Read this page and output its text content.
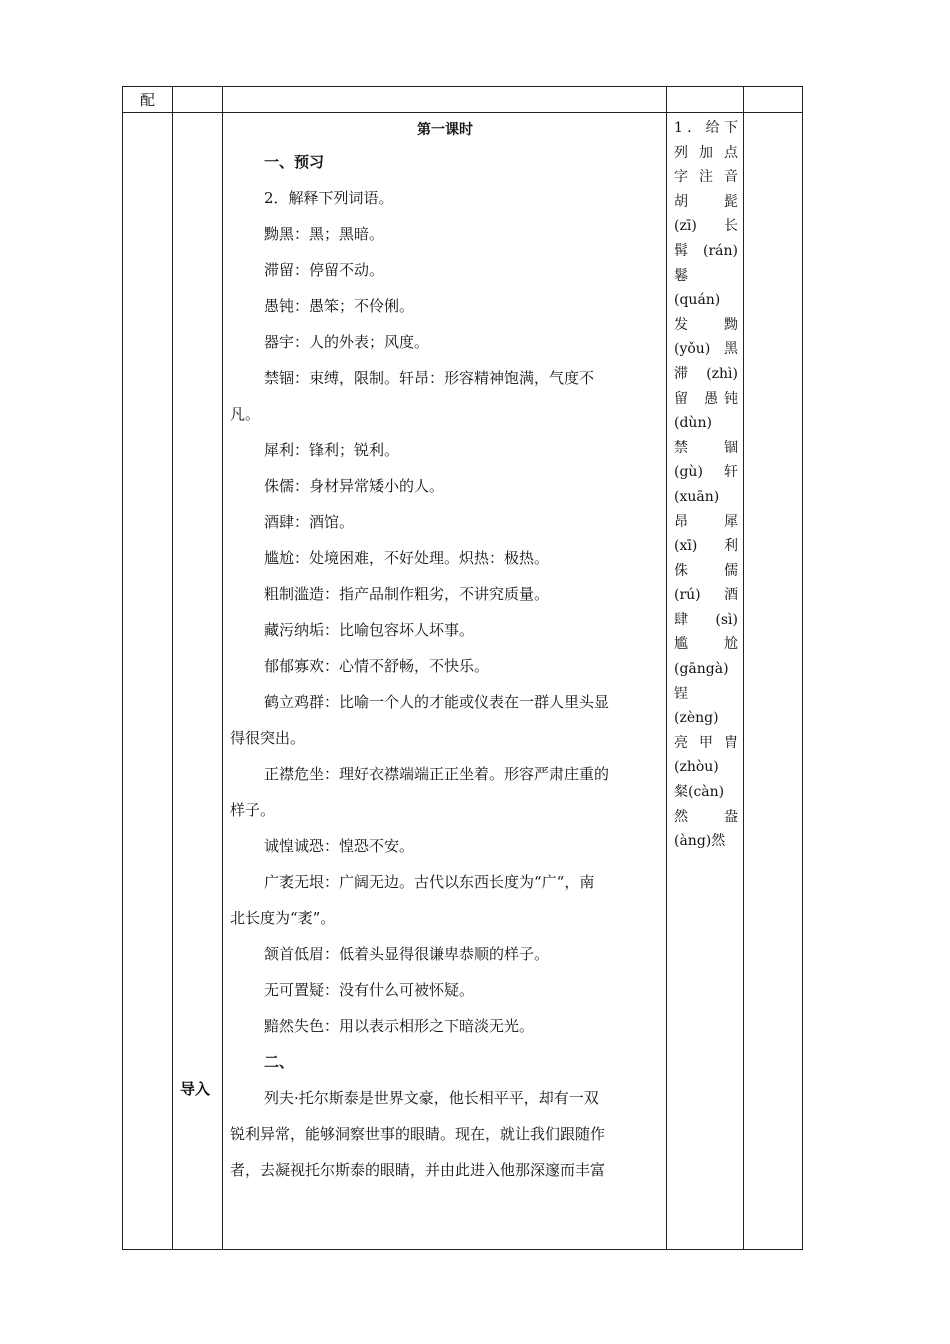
配
导入
第一课时
一、预习
2．解释下列词语。
黝黑：黑；黑暗。
滞留：停留不动。
愚钝：愚笨；不伶俐。
器宇：人的外表；风度。
禁锢：束缚，限制。轩昂：形容精神饱满，气度不
凡。
犀利：锋利；锐利。
侏儒：身材异常矮小的人。
酒肆：酒馆。
尴尬：处境困难，不好处理。炽热：极热。
粗制滥造：指产品制作粗劣，不讲究质量。
藏污纳垢：比喻包容坏人坏事。
郁郁寡欢：心情不舒畅，不快乐。
鹤立鸡群：比喻一个人的才能或仪表在一群人里头显
得很突出。
正襟危坐：理好衣襟端端正正坐着。形容严肃庄重的
样子。
诚惶诚恐：惶恐不安。
广袤无垠：广阔无边。古代以东西长度为“广“，南
北长度为“袤”。
颔首低眉：低着头显得很谦卑恭顺的样子。
无可置疑：没有什么可被怀疑。
黯然失色：用以表示相形之下暗淡无光。
二、
列夫·托尔斯泰是世界文豪，他长相平平，却有一双
锐利异常，能够洞察世事的眼睛。现在，就让我们跟随作
者，去凝视托尔斯泰的眼睛，并由此进入他那深邃而丰富
1．给下
列加点
字注音
胡　髭
(zī) 长
髯(rán)
鬈
(quán)
发　黝
(yǒu)黑
滞(zhì)
留 愚钝
(dùn)
禁　锢
(gù) 轩
(xuān)
昂　犀
(xī) 利
侏　儒
(rú) 酒
肆 (sì)
尴　尬
(gāngà)
锃
(zèng)
亮甲胄
(zhòu)
粲(càn)
然　盎
(àng)然
